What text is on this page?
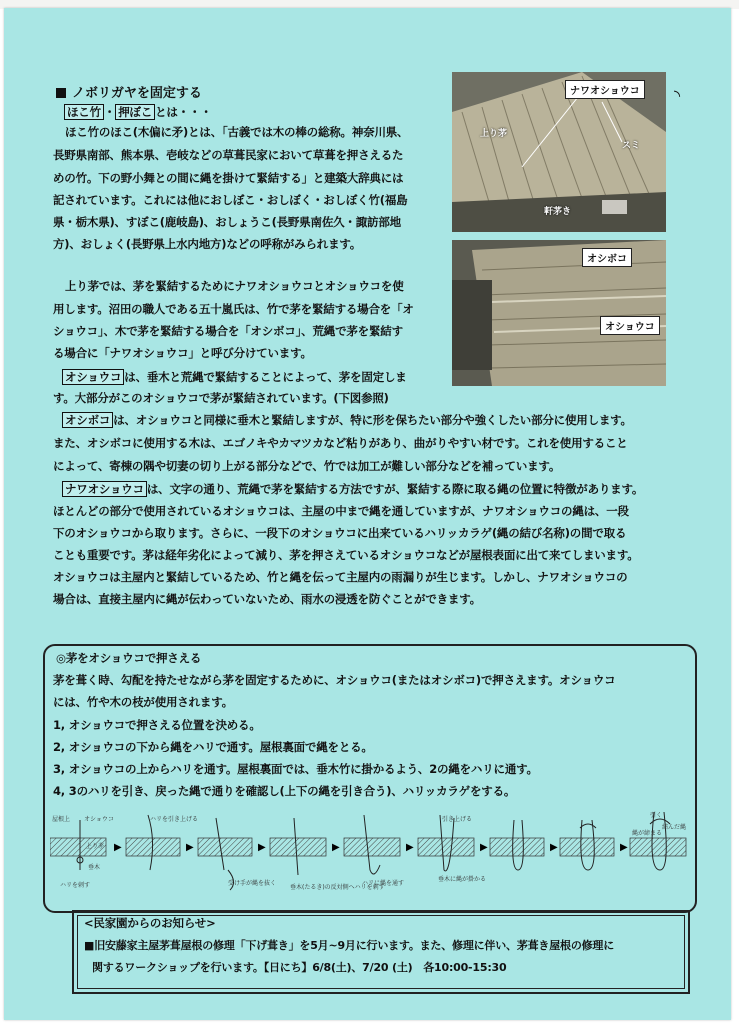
ノボリガヤを固定する
ほこ竹 ・ 押ぼこ とは・・・
ほこ竹のほこ(木偏に矛)とは、「古義では木の棒の総称。神奈川県、
長野県南部、熊本県、壱岐などの草葺民家において草葺を押さえるた
めの竹。下の野小舞との間に縄を掛けて緊結する」と建築大辞典には
記されています。これには他におしぼこ・おしぼく・おしぼく竹(福島
県・栃木県)、すぼこ(鹿岐島)、おしょうこ(長野県南佐久・諏訪部地
方)、おしょく(長野県上水内地方)などの呼称がみられます。
上り茅では、茅を緊結するためにナワオショウコとオショウコを使
用します。沼田の職人である五十嵐氏は、竹で茅を緊結する場合を「オ
ショウコ」、木で茅を緊結する場合を「オシボコ」、荒縄で茅を緊結す
る場合に「ナワオショウコ」と呼び分けています。
オショウコ は、垂木と荒縄で緊結することによって、茅を固定しま
す。大部分がこのオショウコで茅が緊結されています。(下図参照)
オシボコ は、オショウコと同様に垂木と緊結しますが、特に形を保ちたい部分や強くしたい部分に使用します。
また、オシボコに使用する木は、エゴノキやカマツカなど粘りがあり、曲がりやすい材です。これを使用すること
によって、寄棟の隅や切妻の切り上がる部分などで、竹では加工が難しい部分などを補っています。
ナワオショウコ は、文字の通り、荒縄で茅を緊結する方法ですが、緊結する際に取る縄の位置に特徴があります。
ほとんどの部分で使用されているオショウコは、主屋の中まで縄を通していますが、ナワオショウコの縄は、一段
下のオショウコから取ります。さらに、一段下のオショウコに出来ているハリッカラゲ(縄の結び名称)の間で取る
ことも重要です。茅は経年劣化によって減り、茅を押さえているオショウコなどが屋根表面に出て来てしまいます。
オショウコは主屋内と緊結しているため、竹と縄を伝って主屋内の雨漏りが生じます。しかし、ナワオショウコの
場合は、直接主屋内に縄が伝わっていないため、雨水の浸透を防ぐことができます。
ナワオショウコ
上り茅
スミ
軒茅き
◝
オシボコ
オショウコ
◎茅をオショウコで押さえる
茅を葺く時、勾配を持たせながら茅を固定するために、オショウコ(またはオシボコ)で押さえます。オショウコ
には、竹や木の枝が使用されます。
1, オショウコで押さえる位置を決める。
2, オショウコの下から縄をハリで通す。屋根裏面で縄をとる。
3, オショウコの上からハリを通す。屋根裏面では、垂木竹に掛かるよう、2の縄をハリに通す。
4, 3のハリを引き、戻った縄で通りを確認し(上下の縄を引き合う)、ハリッカラゲをする。
▶	▶	▶	▶	▶	▶	▶	▶
屋根上 オショウコ
上り茅
垂木
ハリを刺す
ハリを引き上げる
受け手が縄を抜く
垂木(たるき)の反対側へハリを刺す
ハリに縄を通す
引き上げる
垂木に縄が掛かる
引く
縄が締まる
結んだ縄
<民家園からのお知らせ>
■旧安藤家主屋茅葺屋根の修理「下げ葺き」を5月~9月に行います。また、修理に伴い、茅葺き屋根の修理に
関するワークショップを行います。【日にち】6/8(土)、7/20 (土)　各10:00-15:30
